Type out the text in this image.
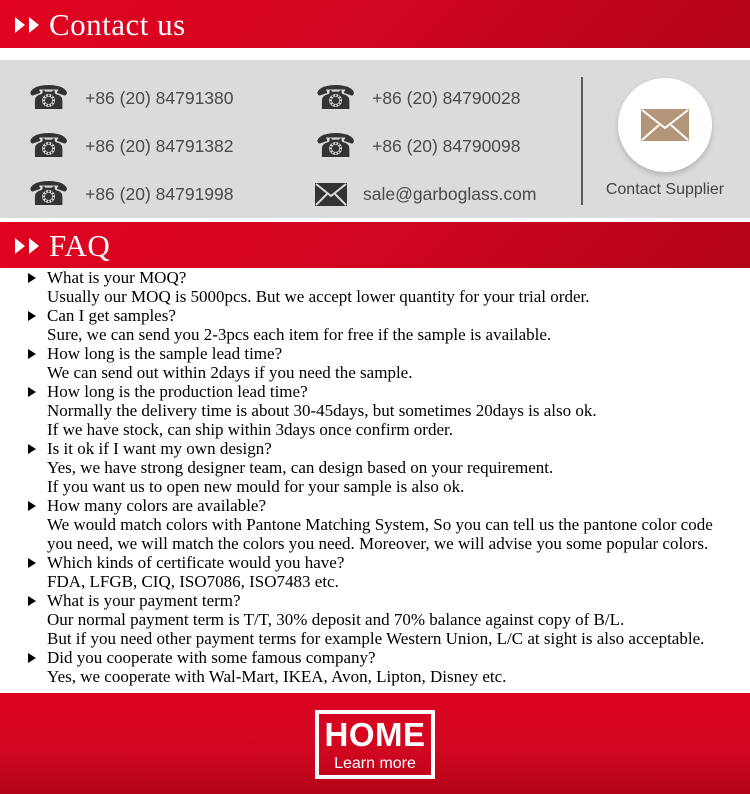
Contact us
☎ +86 (20) 84791380 ☎ +86 (20) 84790028
☎ +86 (20) 84791382 ☎ +86 (20) 84790098
☎ +86 (20) 84791998	sale@garboglass.com	Contact Supplier
FAQ
What is your MOQ?
Usually our MOQ is 5000pcs. But we accept lower quantity for your trial order.
Can I get samples?
Sure, we can send you 2-3pcs each item for free if the sample is available.
How long is the sample lead time?
We can send out within 2days if you need the sample.
How long is the production lead time?
Normally the delivery time is about 30-45days, but sometimes 20days is also ok.
If we have stock, can ship within 3days once confirm order.
Is it ok if I want my own design?
Yes, we have strong designer team, can design based on your requirement.
If you want us to open new mould for your sample is also ok.
How many colors are available?
We would match colors with Pantone Matching System, So you can tell us the pantone color code
you need, we will match the colors you need. Moreover, we will advise you some popular colors.
Which kinds of certificate would you have?
FDA, LFGB, CIQ, ISO7086, ISO7483 etc.
What is your payment term?
Our normal payment term is T/T, 30% deposit and 70% balance against copy of B/L.
But if you need other payment terms for example Western Union, L/C at sight is also acceptable.
Did you cooperate with some famous company?
Yes, we cooperate with Wal-Mart, IKEA, Avon, Lipton, Disney etc.
HOME
Learn more
